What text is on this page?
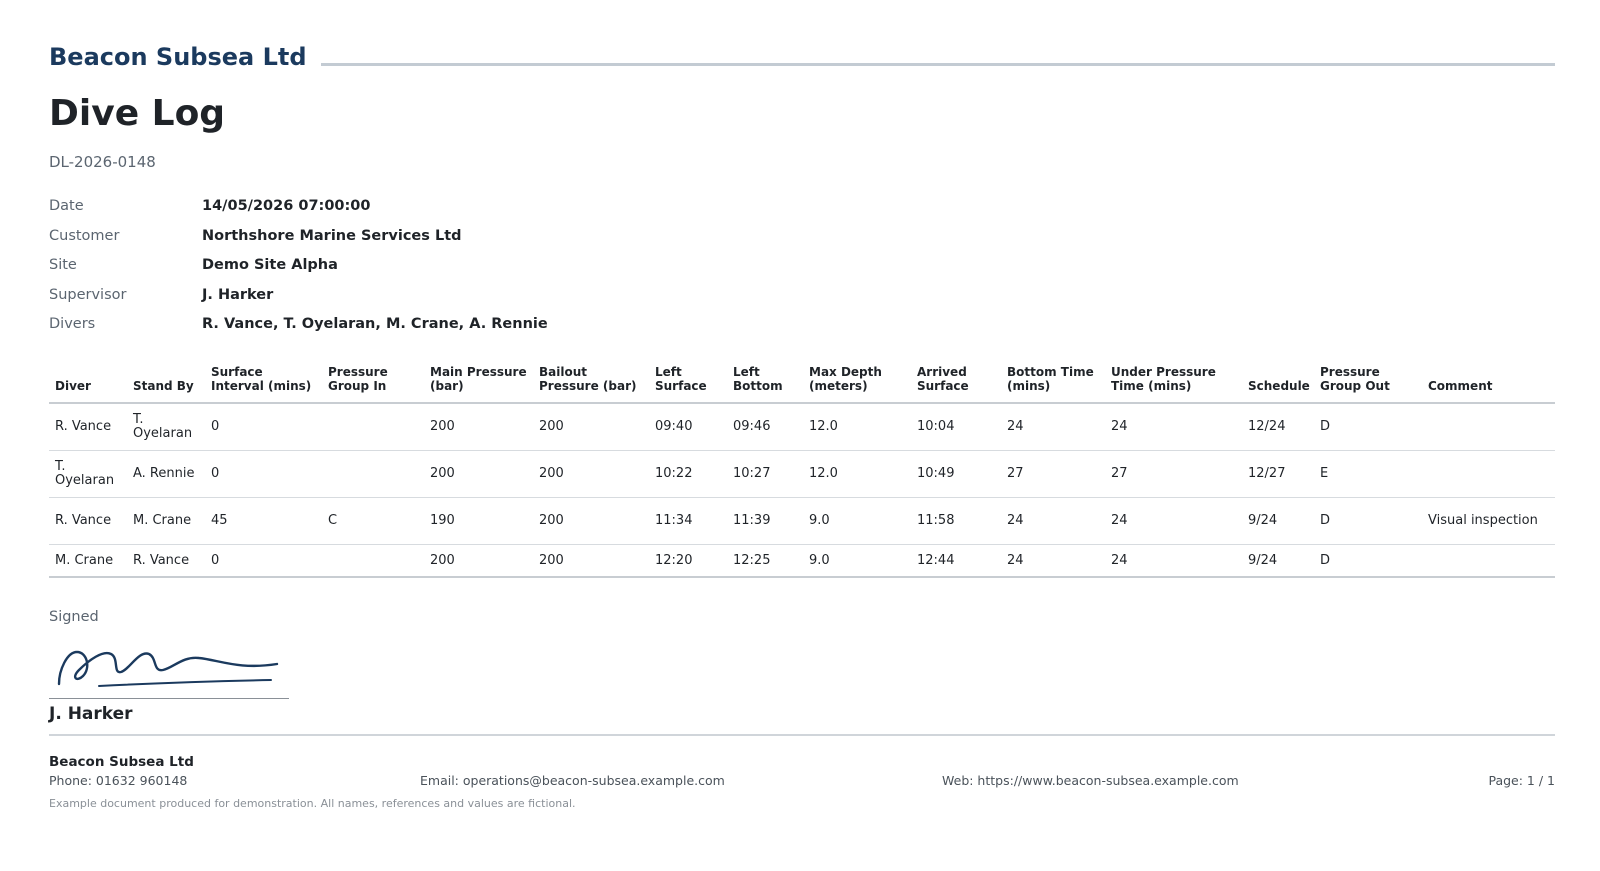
Beacon Subsea Ltd
Dive Log
DL-2026-0148
Date	14/05/2026 07:00:00
Customer	Northshore Marine Services Ltd
Site	Demo Site Alpha
Supervisor	J. Harker
Divers	R. Vance, T. Oyelaran, M. Crane, A. Rennie
Diver	Stand By	Surface Interval (mins)	Pressure Group In	Main Pressure (bar)	Bailout Pressure (bar)	Left Surface	Left Bottom	Max Depth (meters)	Arrived Surface	Bottom Time (mins)	Under Pressure Time (mins)	Schedule	Pressure Group Out	Comment
R. Vance	T. Oyelaran	0		200	200	09:40	09:46	12.0	10:04	24	24	12/24	D	
T. Oyelaran	A. Rennie	0		200	200	10:22	10:27	12.0	10:49	27	27	12/27	E	
R. Vance	M. Crane	45	C	190	200	11:34	11:39	9.0	11:58	24	24	9/24	D	Visual inspection
M. Crane	R. Vance	0		200	200	12:20	12:25	9.0	12:44	24	24	9/24	D	
Signed
J. Harker
Beacon Subsea Ltd
Phone: 01632 960148	Email: operations@beacon-subsea.example.com	Web: https://www.beacon-subsea.example.com	Page: 1 / 1
Example document produced for demonstration. All names, references and values are fictional.
